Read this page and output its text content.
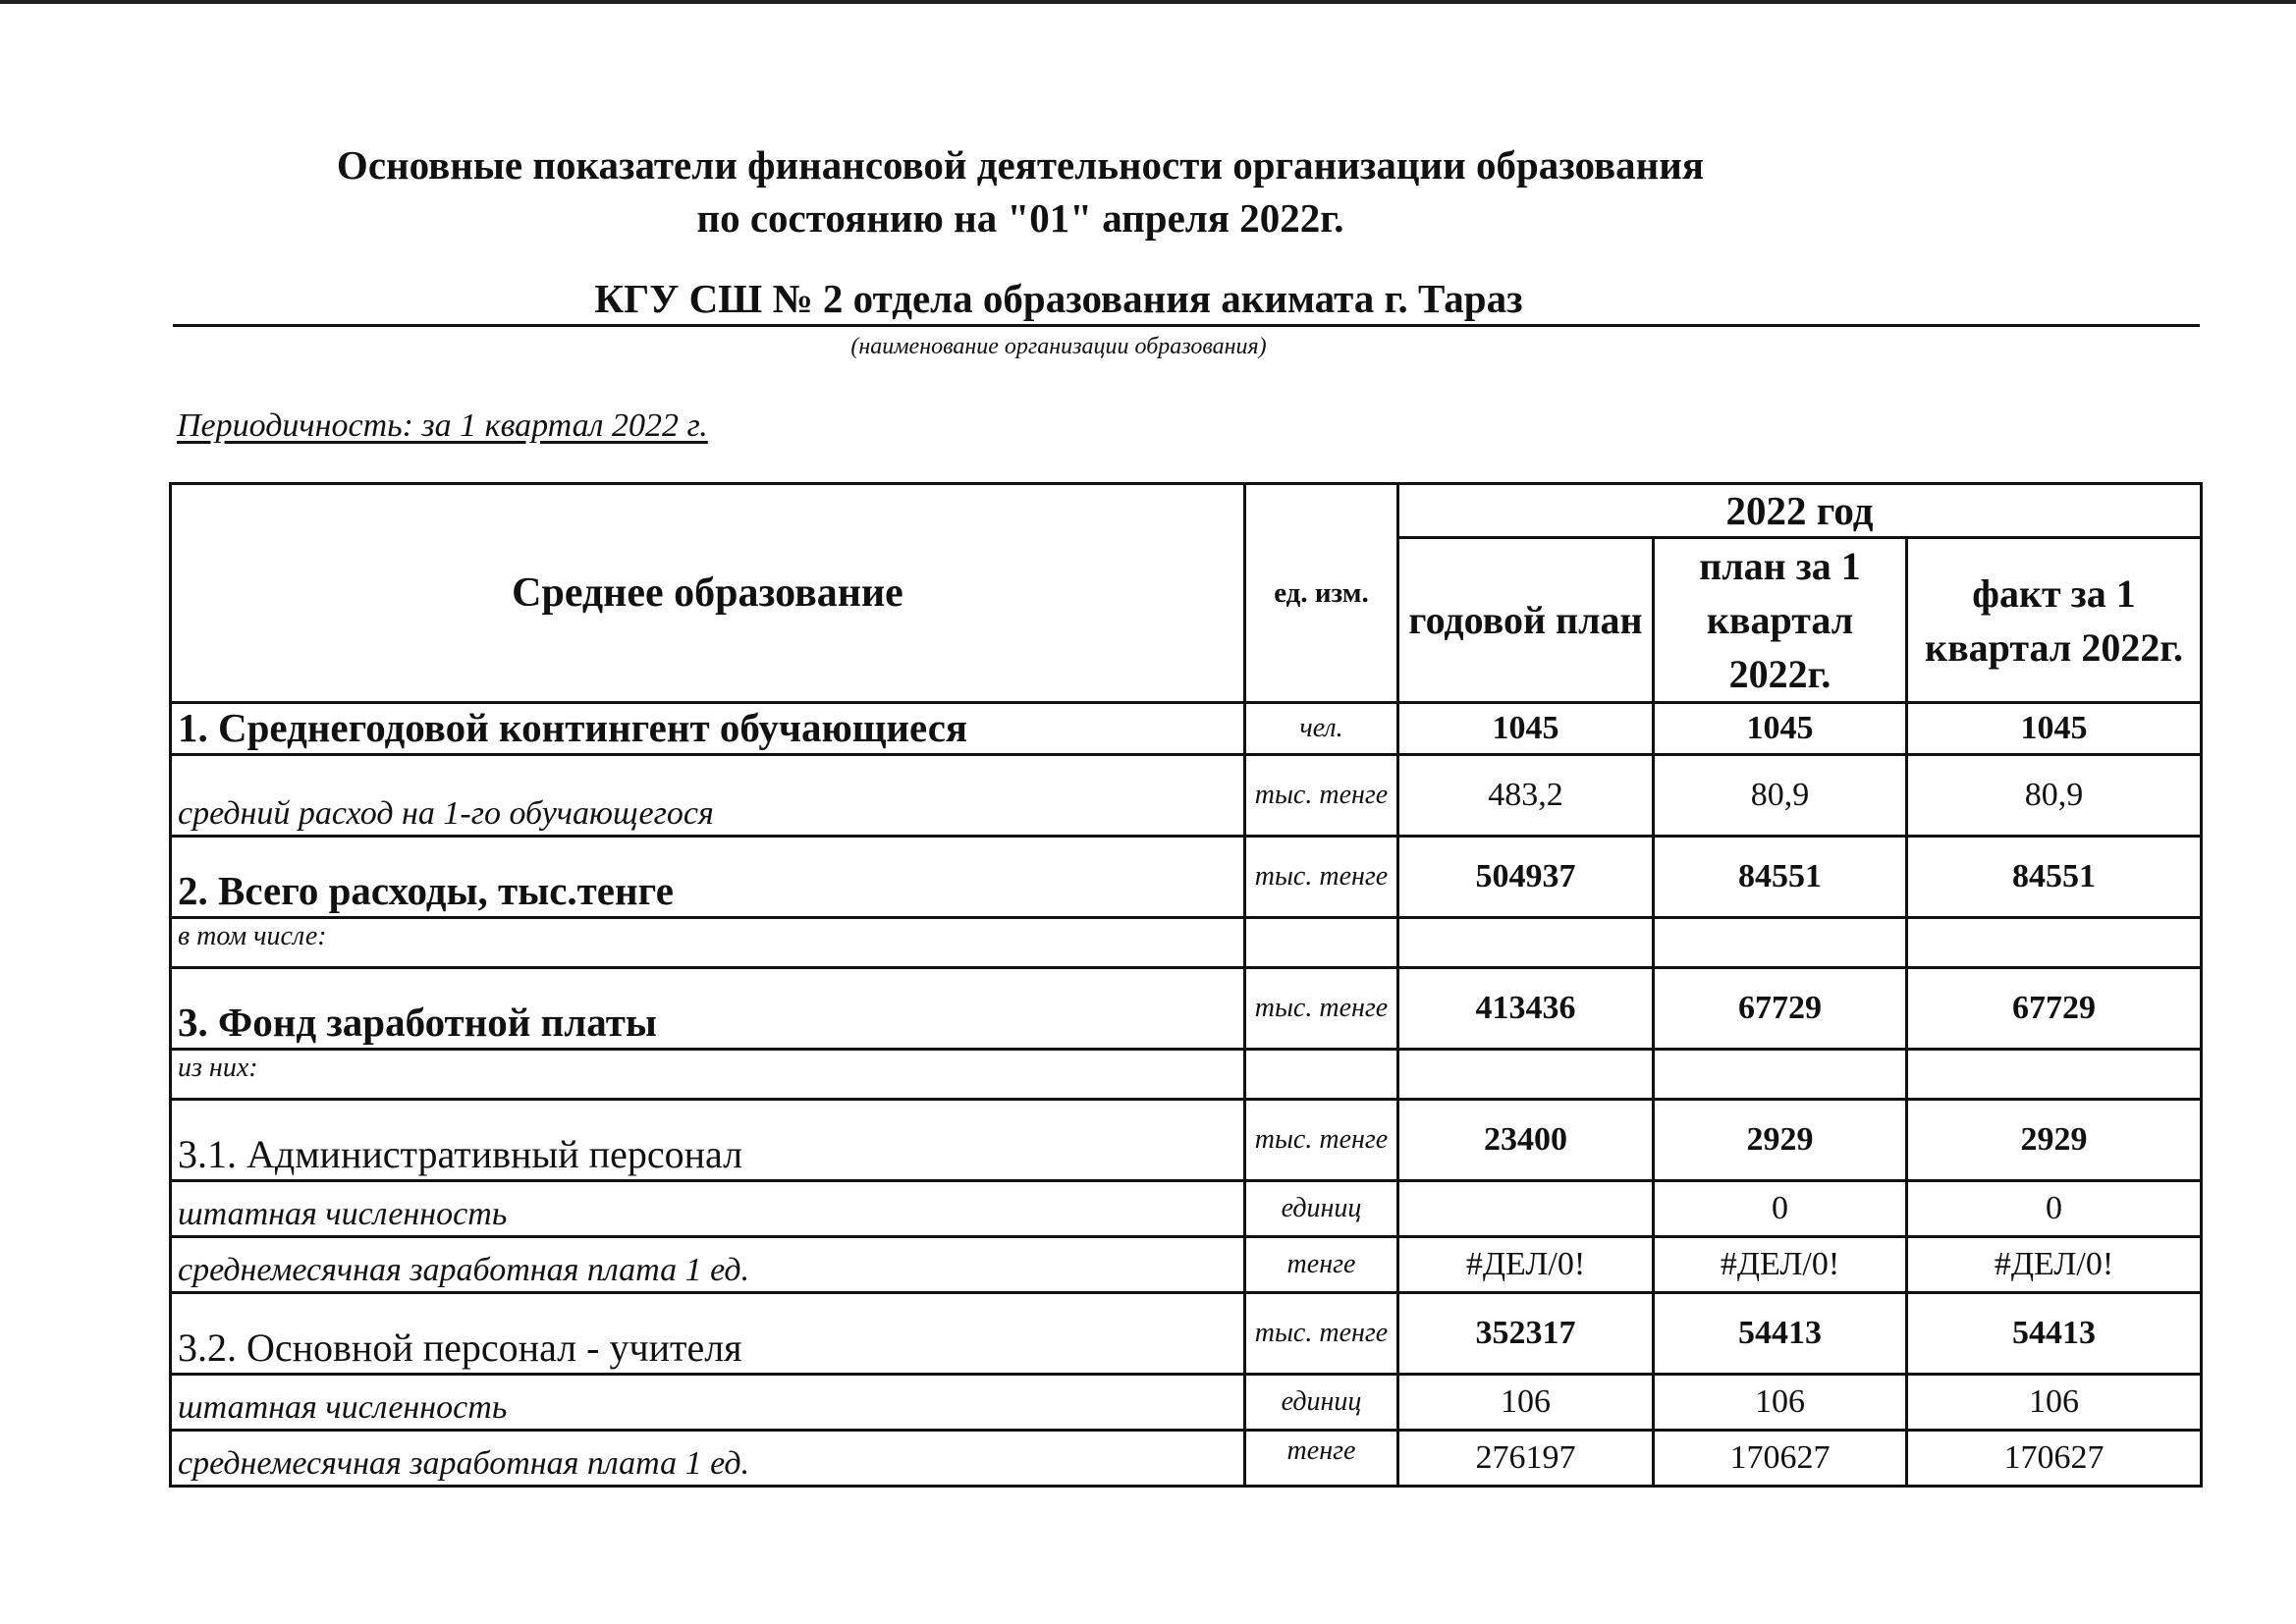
Основные показатели финансовой деятельности организации образования
по состоянию на "01" апреля 2022г.
КГУ СШ № 2 отдела образования акимата г. Тараз
(наименование организации образования)
Периодичность: за 1 квартал 2022 г.
Среднее образование	ед. изм.	2022 год		
		годовой план	план за 1 квартал 2022г.	факт за 1 квартал 2022г.
1. Среднегодовой контингент обучающиеся	чел.	1045	1045	1045
средний расход на 1-го обучающегося	тыс. тенге	483,2	80,9	80,9
2. Всего расходы, тыс.тенге	тыс. тенге	504937	84551	84551
в том числе:				
3. Фонд заработной платы	тыс. тенге	413436	67729	67729
из них:				
3.1. Административный персонал	тыс. тенге	23400	2929	2929
штатная численность	единиц		0	0
среднемесячная заработная плата 1 ед.	тенге	#ДЕЛ/0!	#ДЕЛ/0!	#ДЕЛ/0!
3.2. Основной персонал - учителя	тыс. тенге	352317	54413	54413
штатная численность	единиц	106	106	106
среднемесячная заработная плата 1 ед.	тенге	276197	170627	170627
